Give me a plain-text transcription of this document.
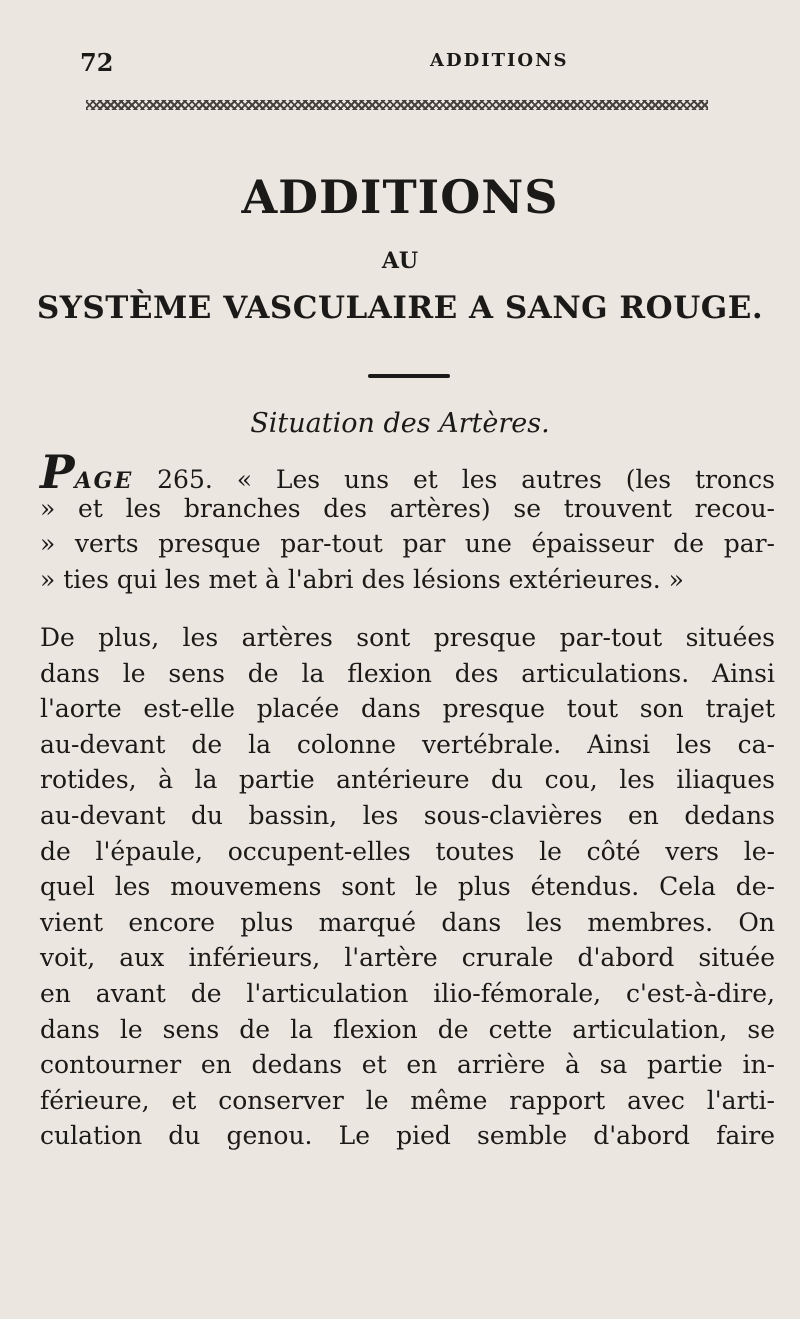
72	ADDITIONS
ADDITIONS
AU
SYSTÈME VASCULAIRE A SANG ROUGE.
Situation des Artères.
PAGE 265. « Les uns et les autres (les troncs
» et les branches des artères) se trouvent recou-
» verts presque par-tout par une épaisseur de par-
» ties qui les met à l'abri des lésions extérieures. »
De plus, les artères sont presque par-tout situées
dans le sens de la flexion des articulations. Ainsi
l'aorte est-elle placée dans presque tout son trajet
au-devant de la colonne vertébrale. Ainsi les ca-
rotides, à la partie antérieure du cou, les iliaques
au-devant du bassin, les sous-clavières en dedans
de l'épaule, occupent-elles toutes le côté vers le-
quel les mouvemens sont le plus étendus. Cela de-
vient encore plus marqué dans les membres. On
voit, aux inférieurs, l'artère crurale d'abord située
en avant de l'articulation ilio-fémorale, c'est-à-dire,
dans le sens de la flexion de cette articulation, se
contourner en dedans et en arrière à sa partie in-
férieure, et conserver le même rapport avec l'arti-
culation du genou. Le pied semble d'abord faire
